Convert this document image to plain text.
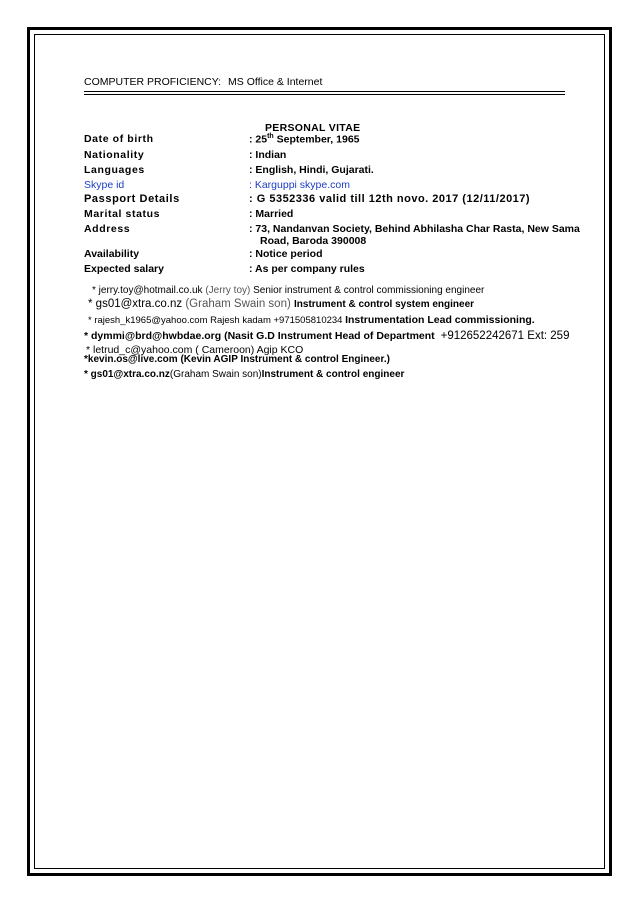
COMPUTER PROFICIENCY: MS Office & Internet
PERSONAL VITAE
Date of birth	: 25th September, 1965
Nationality	: Indian
Languages	: English, Hindi, Gujarati.
Skype id	: Karguppi skype.com
Passport Details	: G 5352336 valid till 12th novo. 2017 (12/11/2017)
Marital status	: Married
Address	: 73, Nandanvan Society, Behind Abhilasha Char Rasta, New Sama
Road, Baroda 390008
Availability	: Notice period
Expected salary	: As per company rules
* jerry.toy@hotmail.co.uk (Jerry toy) Senior instrument & control commissioning engineer
* gs01@xtra.co.nz (Graham Swain son) Instrument & control system engineer
* rajesh_k1965@yahoo.com Rajesh kadam +971505810234 Instrumentation Lead commissioning.
* dymmi@brd@hwbdae.org (Nasit G.D Instrument Head of Department +912652242671 Ext: 259
* letrud_c@yahoo.com ( Cameroon) Agip KCO
*kevin.os@live.com (Kevin AGIP Instrument & control Engineer.)
* gs01@xtra.co.nz(Graham Swain son)Instrument & control engineer
